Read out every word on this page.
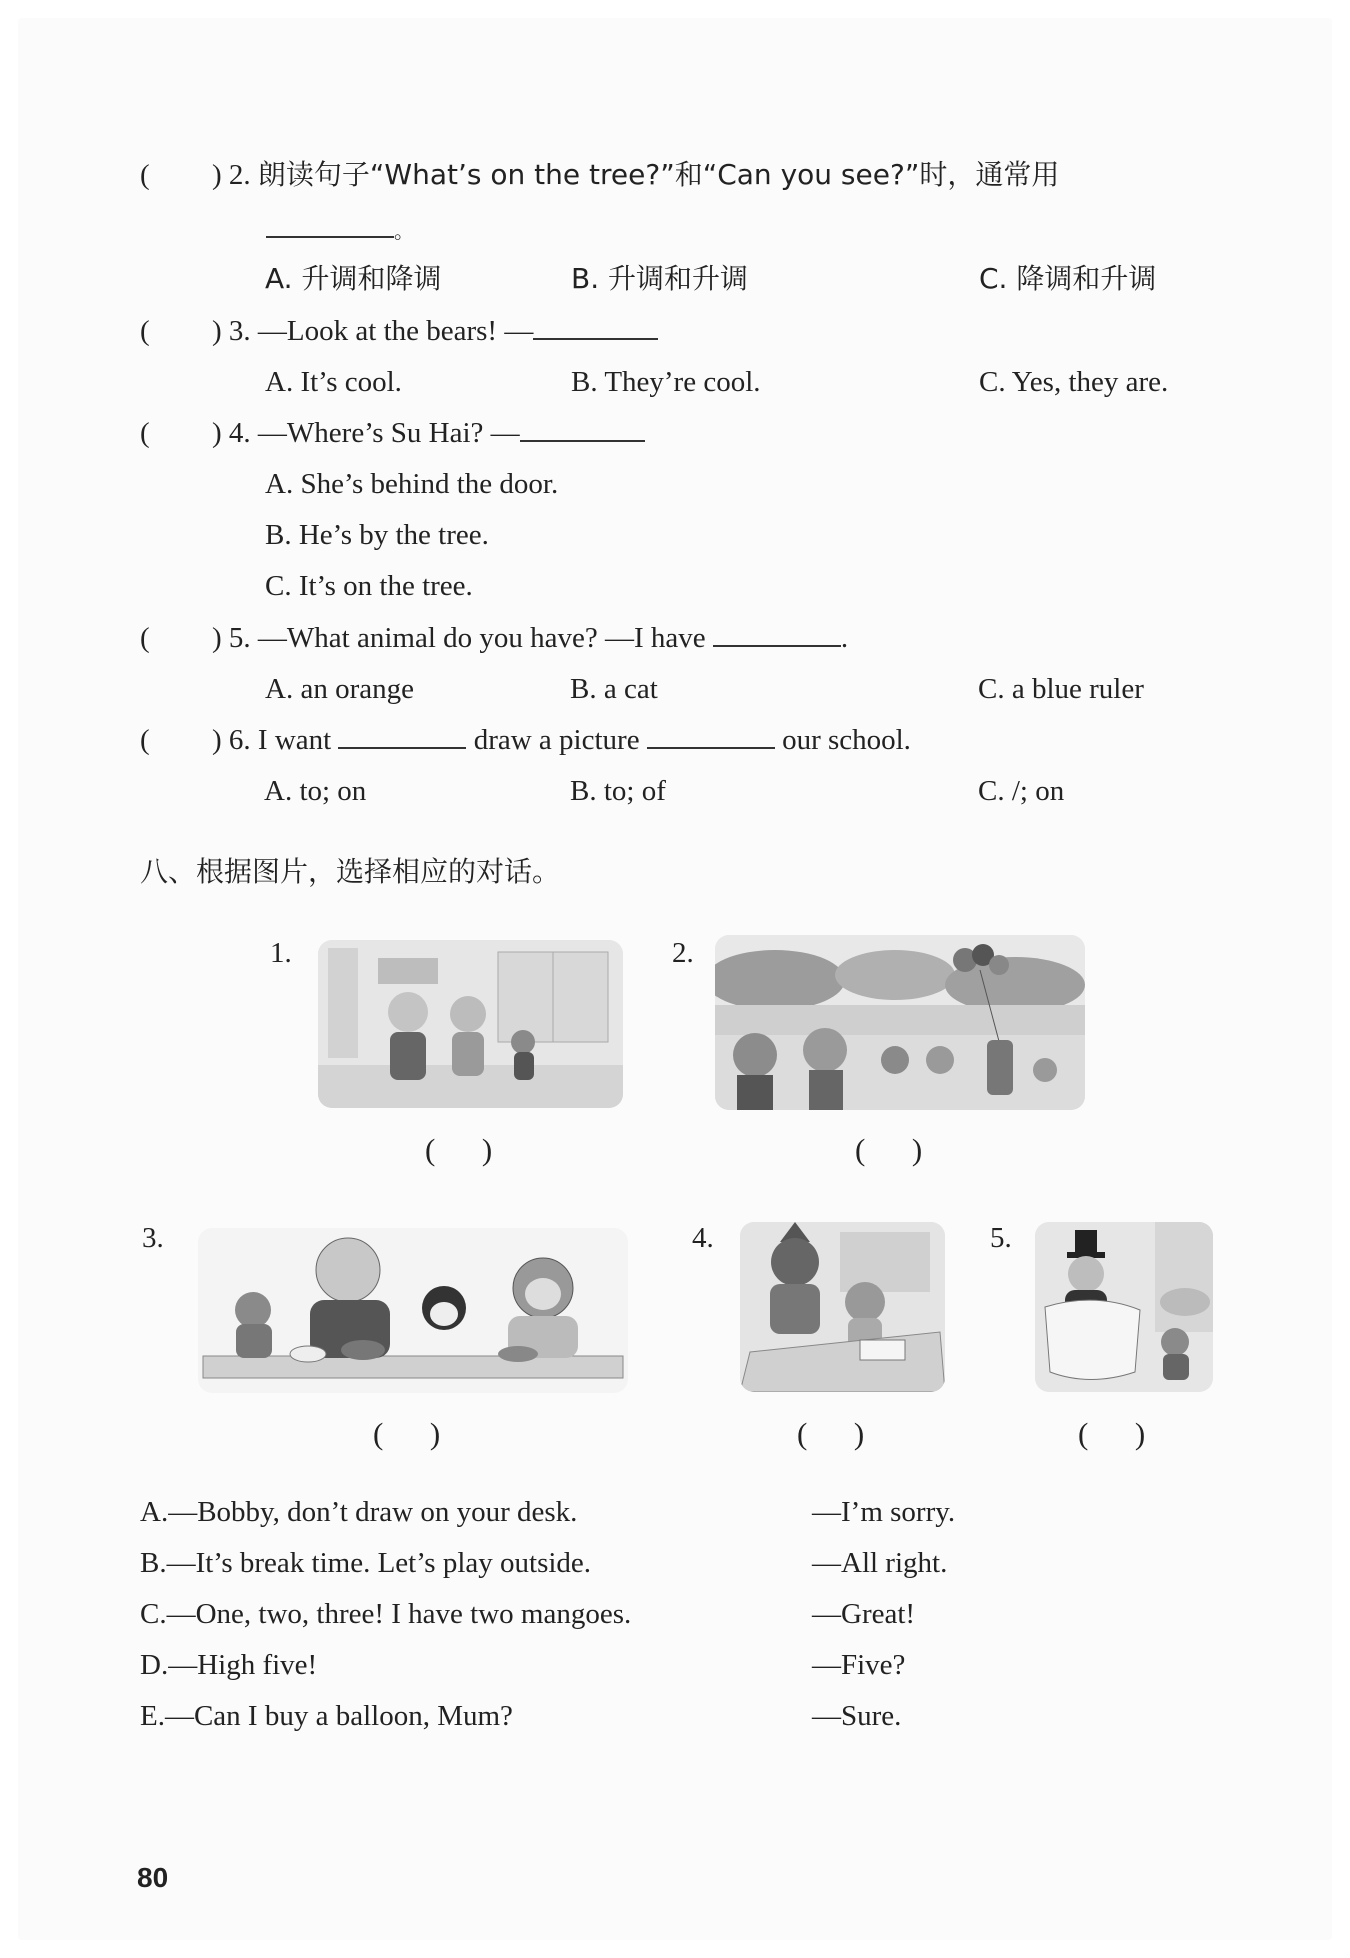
( ) 2. 朗读句子“What’s on the tree?”和“Can you see?”时，通常用
。
A. 升调和降调	B. 升调和升调	C. 降调和升调
( ) 3. —Look at the bears! —
A. It’s cool.	B. They’re cool.	C. Yes, they are.
( ) 4. —Where’s Su Hai? —
A. She’s behind the door.
B. He’s by the tree.
C. It’s on the tree.
( ) 5. —What animal do you have? —I have	.
A. an orange	B. a cat	C. a blue ruler
( ) 6. I want	draw a picture	our school.
A. to; on	B. to; of	C. /; on
八、根据图片，选择相应的对话。
1.
(      )
2.
(      )
3.
(      )
4.
(      )
5.
(      )
A.—Bobby, don’t draw on your desk.	—I’m sorry.
B.—It’s break time. Let’s play outside.	—All right.
C.—One, two, three! I have two mangoes.	—Great!
D.—High five!	—Five?
E.—Can I buy a balloon, Mum?	—Sure.
80
